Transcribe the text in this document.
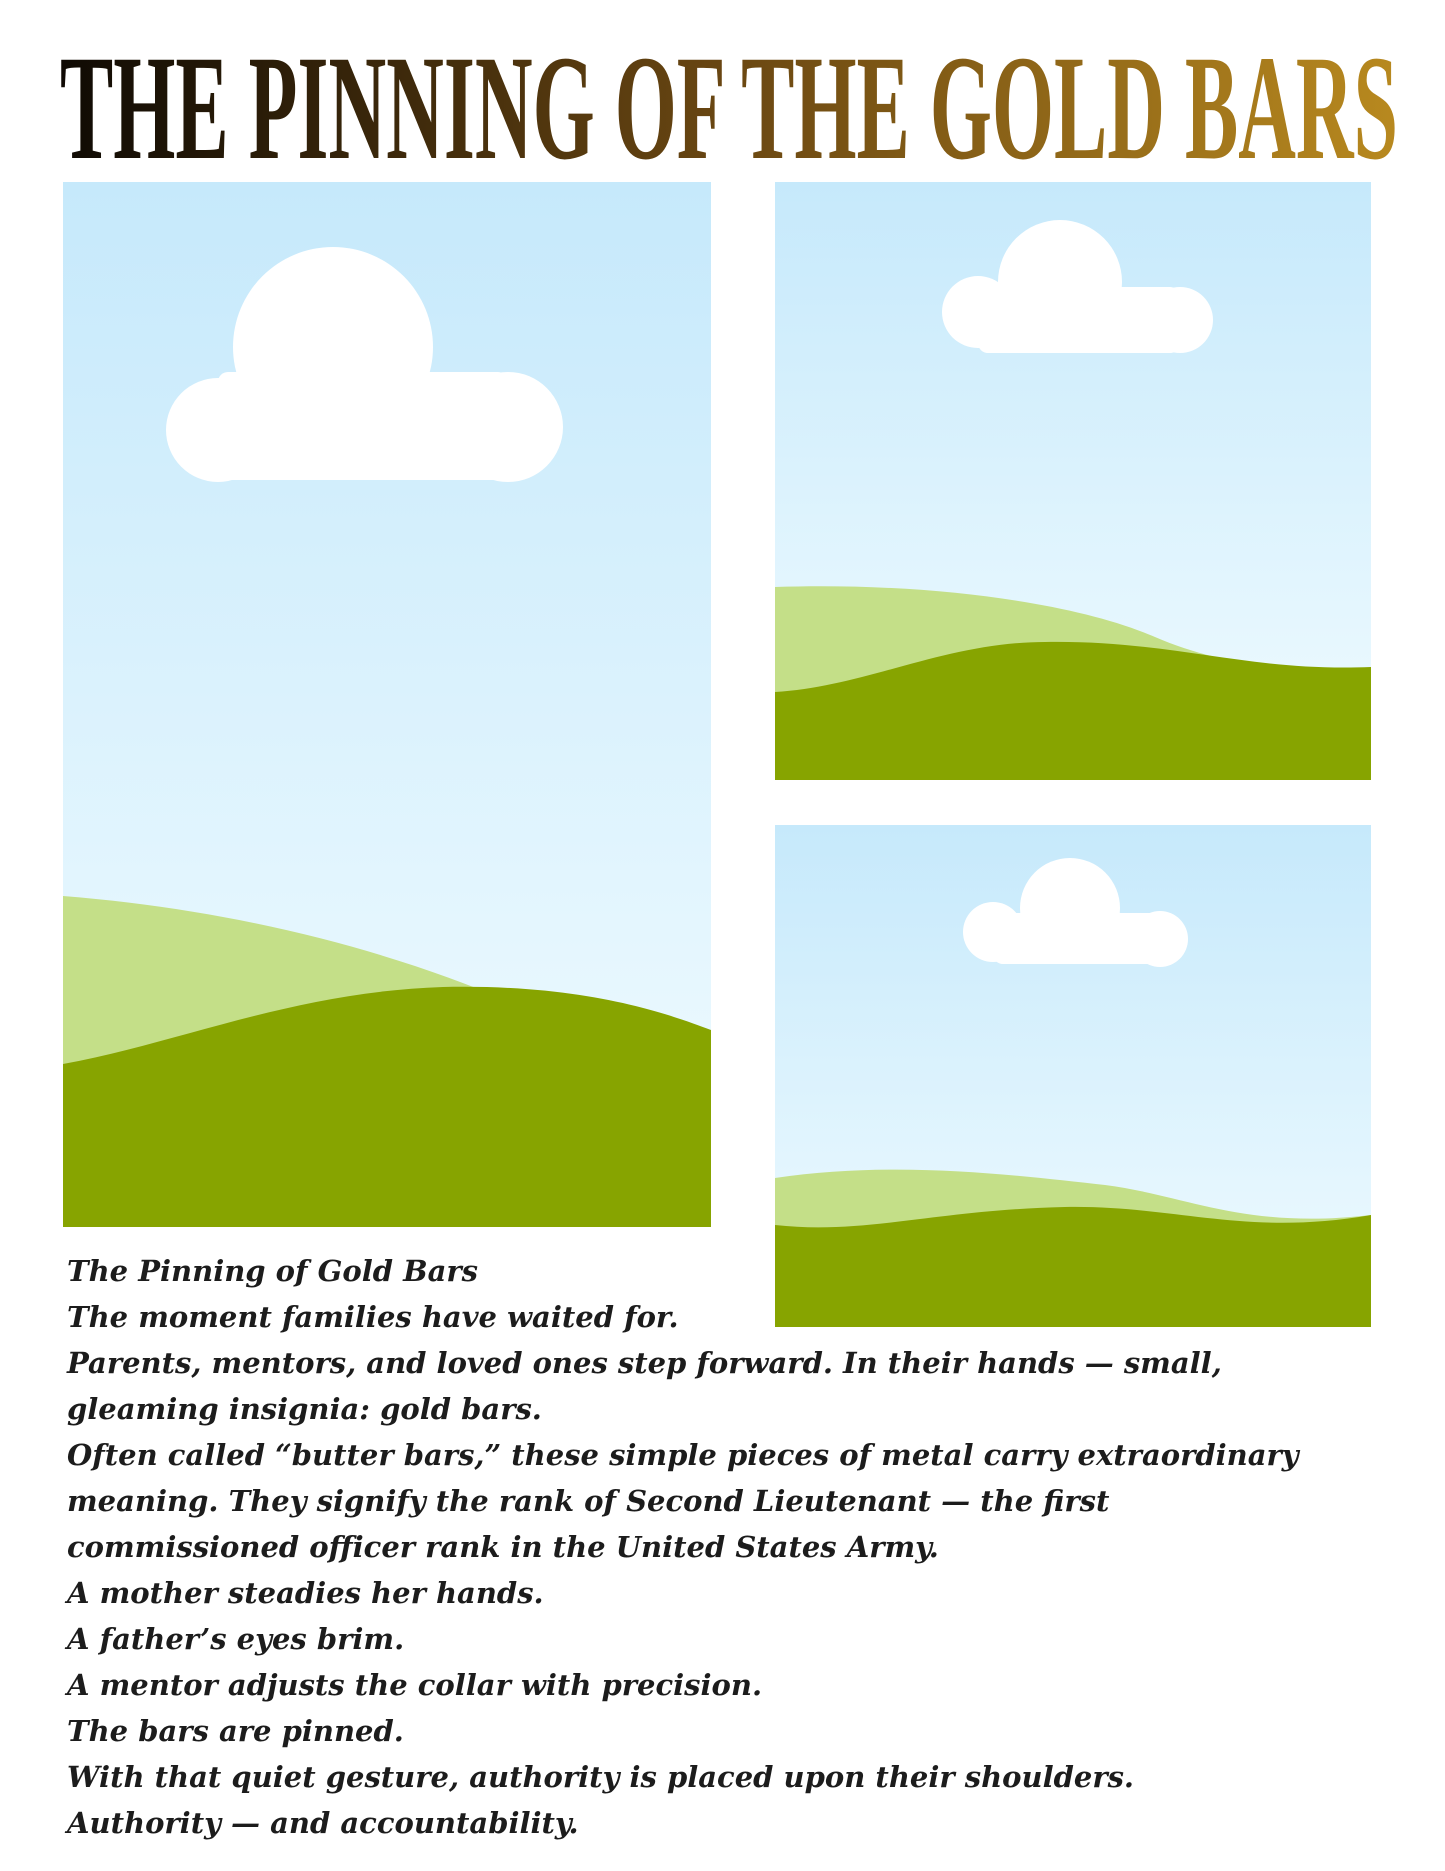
THE PINNING OF THE GOLD BARS

The Pinning of Gold Bars

The moment families have waited for.

Parents, mentors, and loved ones step forward. In their hands — small, gleaming insignia: gold bars.

Often called “butter bars,” these simple pieces of metal carry extraordinary meaning. They signify the rank of Second Lieutenant — the first commissioned officer rank in the United States Army.

A mother steadies her hands.

A father’s eyes brim.

A mentor adjusts the collar with precision.

The bars are pinned.

With that quiet gesture, authority is placed upon their shoulders.

Authority — and accountability.
